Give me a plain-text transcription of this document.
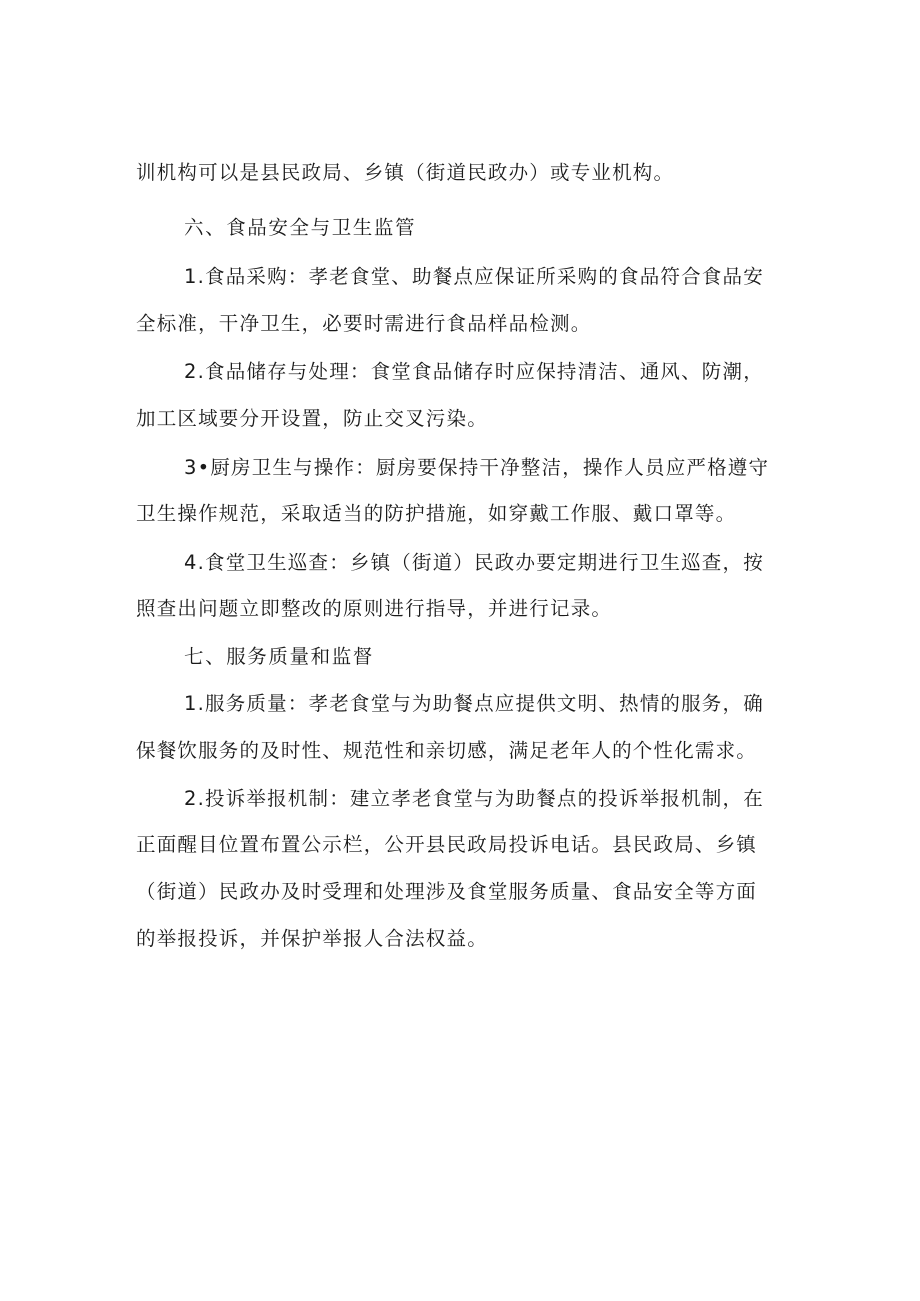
训机构可以是县民政局、乡镇（街道民政办）或专业机构。
六、食品安全与卫生监管
1.食品采购：孝老食堂、助餐点应保证所采购的食品符合食品安
全标准，干净卫生，必要时需进行食品样品检测。
2.食品储存与处理：食堂食品储存时应保持清洁、通风、防潮，
加工区域要分开设置，防止交叉污染。
3•厨房卫生与操作：厨房要保持干净整洁，操作人员应严格遵守
卫生操作规范，采取适当的防护措施，如穿戴工作服、戴口罩等。
4.食堂卫生巡查：乡镇（街道）民政办要定期进行卫生巡查，按
照查出问题立即整改的原则进行指导，并进行记录。
七、服务质量和监督
1.服务质量：孝老食堂与为助餐点应提供文明、热情的服务，确
保餐饮服务的及时性、规范性和亲切感，满足老年人的个性化需求。
2.投诉举报机制：建立孝老食堂与为助餐点的投诉举报机制，在
正面醒目位置布置公示栏，公开县民政局投诉电话。县民政局、乡镇
（街道）民政办及时受理和处理涉及食堂服务质量、食品安全等方面
的举报投诉，并保护举报人合法权益。
